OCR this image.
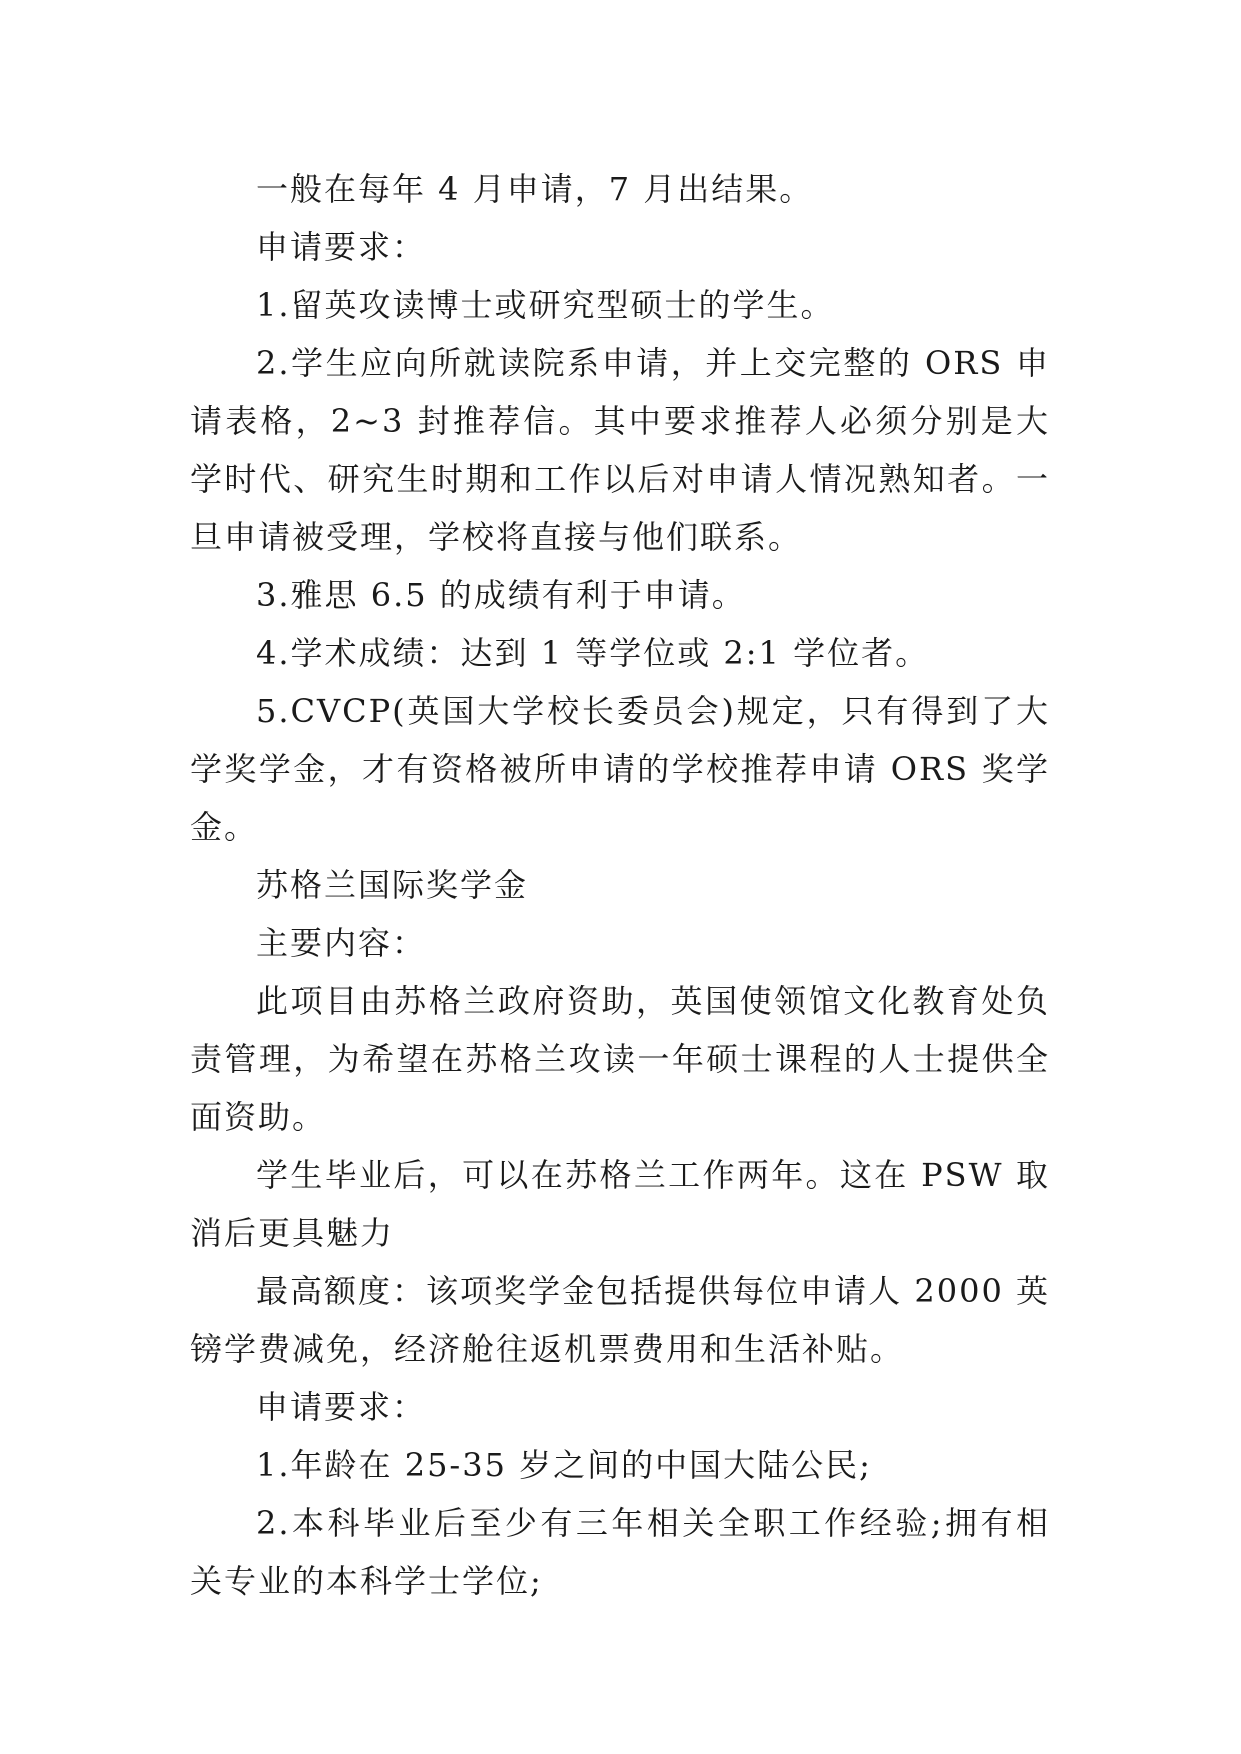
一般在每年 4 月申请，7 月出结果。

申请要求：

1.留英攻读博士或研究型硕士的学生。

2.学生应向所就读院系申请，并上交完整的 ORS 申请表格，2~3 封推荐信。其中要求推荐人必须分别是大学时代、研究生时期和工作以后对申请人情况熟知者。一旦申请被受理，学校将直接与他们联系。

3.雅思 6.5 的成绩有利于申请。

4.学术成绩：达到 1 等学位或 2:1 学位者。

5.CVCP(英国大学校长委员会)规定，只有得到了大学奖学金，才有资格被所申请的学校推荐申请 ORS 奖学金。

苏格兰国际奖学金

主要内容：

此项目由苏格兰政府资助，英国使领馆文化教育处负责管理，为希望在苏格兰攻读一年硕士课程的人士提供全面资助。

学生毕业后，可以在苏格兰工作两年。这在 PSW 取消后更具魅力

最高额度：该项奖学金包括提供每位申请人 2000 英镑学费减免，经济舱往返机票费用和生活补贴。

申请要求：

1.年龄在 25-35 岁之间的中国大陆公民;

2.本科毕业后至少有三年相关全职工作经验;拥有相关专业的本科学士学位;
